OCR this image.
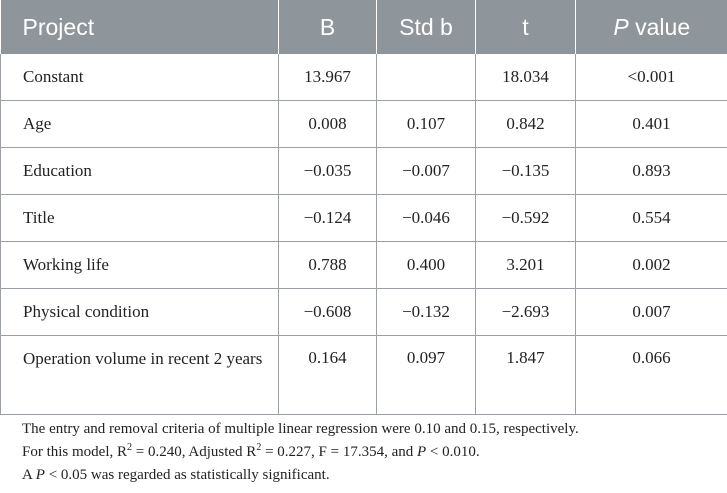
Project	B	Std b	t	P value
Constant	13.967		18.034	<0.001
Age	0.008	0.107	0.842	0.401
Education	−0.035	−0.007	−0.135	0.893
Title	−0.124	−0.046	−0.592	0.554
Working life	0.788	0.400	3.201	0.002
Physical condition	−0.608	−0.132	−2.693	0.007
Operation volume in recent 2 years	0.164	0.097	1.847	0.066

The entry and removal criteria of multiple linear regression were 0.10 and 0.15, respectively.

For this model, $R^2 = 0.240$, Adjusted $R^2 = 0.227$, F = 17.354, and P < 0.010.

A P < 0.05 was regarded as statistically significant.
